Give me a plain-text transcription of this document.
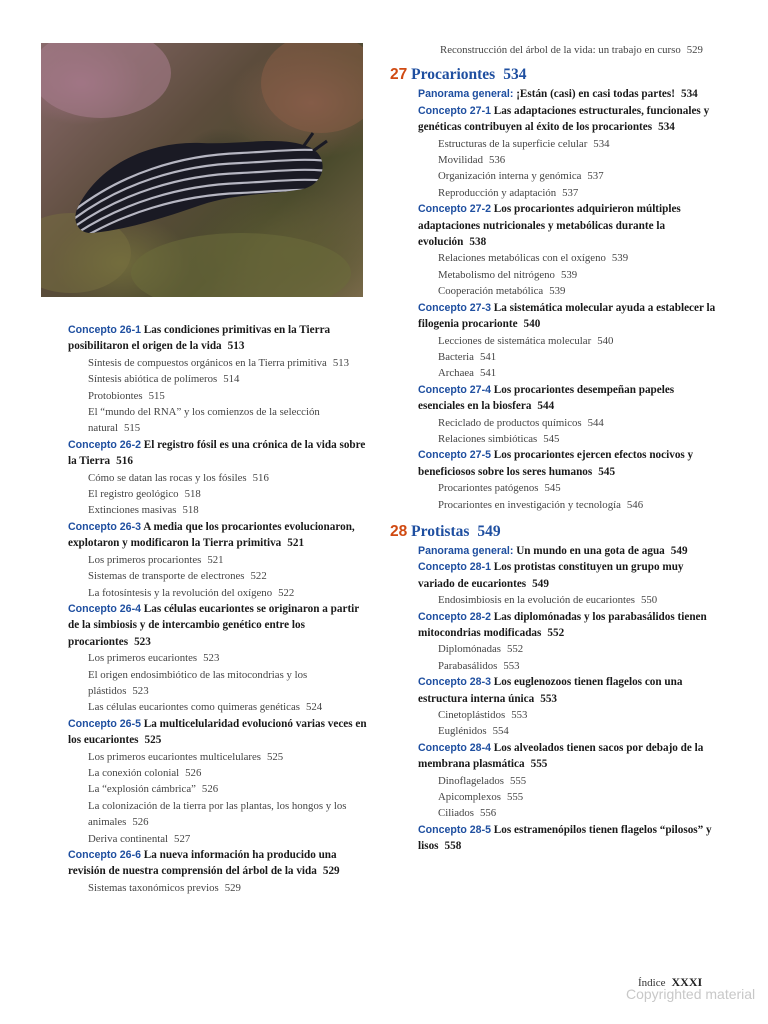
Concepto 26-1 Las condiciones primitivas en la Tierra posibilitaron el origen de la vida 513

Síntesis de compuestos orgánicos en la Tierra primitiva 513

Síntesis abiótica de polímeros 514

Protobiontes 515

El “mundo del RNA” y los comienzos de la selección natural 515

Concepto 26-2 El registro fósil es una crónica de la vida sobre la Tierra 516

Cómo se datan las rocas y los fósiles 516

El registro geológico 518

Extinciones masivas 518

Concepto 26-3 A media que los procariontes evolucionaron, explotaron y modificaron la Tierra primitiva 521

Los primeros procariontes 521

Sistemas de transporte de electrones 522

La fotosíntesis y la revolución del oxígeno 522

Concepto 26-4 Las células eucariontes se originaron a partir de la simbiosis y de intercambio genético entre los procariontes 523

Los primeros eucariontes 523

El origen endosimbiótico de las mitocondrias y los plástidos 523

Las células eucariontes como quimeras genéticas 524

Concepto 26-5 La multicelularidad evolucionó varias veces en los eucariontes 525

Los primeros eucariontes multicelulares 525

La conexión colonial 526

La “explosión cámbrica” 526

La colonización de la tierra por las plantas, los hongos y los animales 526

Deriva continental 527

Concepto 26-6 La nueva información ha producido una revisión de nuestra comprensión del árbol de la vida 529

Sistemas taxonómicos previos 529

Reconstrucción del árbol de la vida: un trabajo en curso 529

27 Procariontes 534

Panorama general: ¡Están (casi) en casi todas partes! 534

Concepto 27-1 Las adaptaciones estructurales, funcionales y genéticas contribuyen al éxito de los procariontes 534

Estructuras de la superficie celular 534

Movilidad 536

Organización interna y genómica 537

Reproducción y adaptación 537

Concepto 27-2 Los procariontes adquirieron múltiples adaptaciones nutricionales y metabólicas durante la evolución 538

Relaciones metabólicas con el oxígeno 539

Metabolismo del nitrógeno 539

Cooperación metabólica 539

Concepto 27-3 La sistemática molecular ayuda a establecer la filogenia procarionte 540

Lecciones de sistemática molecular 540

Bacteria 541

Archaea 541

Concepto 27-4 Los procariontes desempeñan papeles esenciales en la biosfera 544

Reciclado de productos químicos 544

Relaciones simbióticas 545

Concepto 27-5 Los procariontes ejercen efectos nocivos y beneficiosos sobre los seres humanos 545

Procariontes patógenos 545

Procariontes en investigación y tecnología 546

28 Protistas 549

Panorama general: Un mundo en una gota de agua 549

Concepto 28-1 Los protistas constituyen un grupo muy variado de eucariontes 549

Endosimbiosis en la evolución de eucariontes 550

Concepto 28-2 Las diplomónadas y los parabasálidos tienen mitocondrias modificadas 552

Diplomónadas 552

Parabasálidos 553

Concepto 28-3 Los euglenozoos tienen flagelos con una estructura interna única 553

Cinetoplástidos 553

Euglénidos 554

Concepto 28-4 Los alveolados tienen sacos por debajo de la membrana plasmática 555

Dinoflagelados 555

Apicomplexos 555

Ciliados 556

Concepto 28-5 Los estramenópilos tienen flagelos “pilosos” y lisos 558

Índice XXXI
Copyrighted material
